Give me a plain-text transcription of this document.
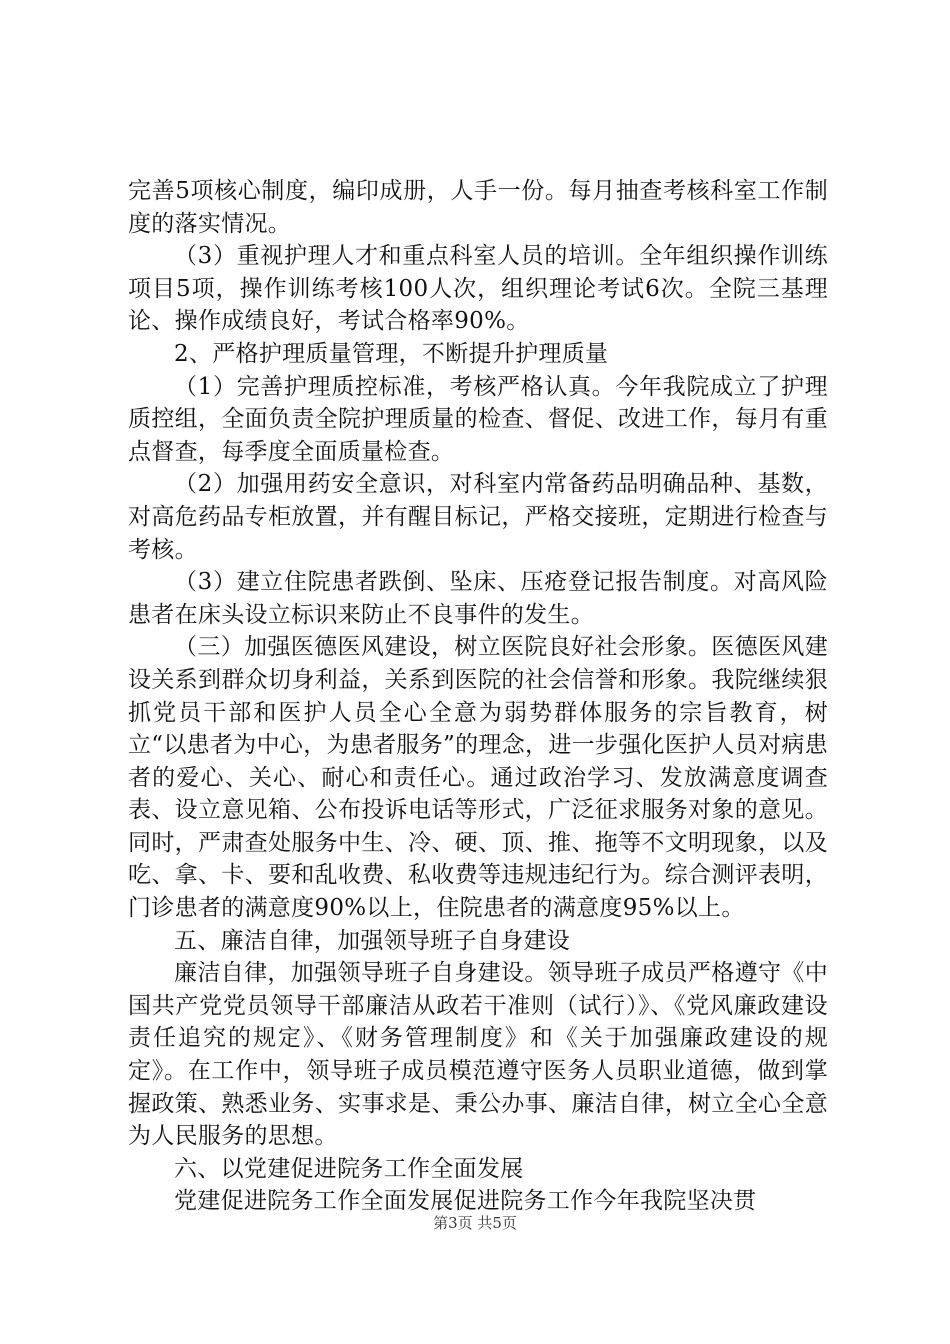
完善5项核心制度，编印成册，人手一份。每月抽查考核科室工作制度的落实情况。

（3）重视护理人才和重点科室人员的培训。全年组织操作训练项目5项，操作训练考核100人次，组织理论考试6次。全院三基理论、操作成绩良好，考试合格率90%。

2、严格护理质量管理，不断提升护理质量

（1）完善护理质控标准，考核严格认真。今年我院成立了护理质控组，全面负责全院护理质量的检查、督促、改进工作，每月有重点督查，每季度全面质量检查。

（2）加强用药安全意识，对科室内常备药品明确品种、基数，对高危药品专柜放置，并有醒目标记，严格交接班，定期进行检查与考核。

（3）建立住院患者跌倒、坠床、压疮登记报告制度。对高风险患者在床头设立标识来防止不良事件的发生。

（三）加强医德医风建设，树立医院良好社会形象。医德医风建设关系到群众切身利益，关系到医院的社会信誉和形象。我院继续狠抓党员干部和医护人员全心全意为弱势群体服务的宗旨教育，树立“以患者为中心，为患者服务”的理念，进一步强化医护人员对病患者的爱心、关心、耐心和责任心。通过政治学习、发放满意度调查表、设立意见箱、公布投诉电话等形式，广泛征求服务对象的意见。同时，严肃查处服务中生、冷、硬、顶、推、拖等不文明现象，以及吃、拿、卡、要和乱收费、私收费等违规违纪行为。综合测评表明，门诊患者的满意度90%以上，住院患者的满意度95%以上。

五、廉洁自律，加强领导班子自身建设

廉洁自律，加强领导班子自身建设。领导班子成员严格遵守《中国共产党党员领导干部廉洁从政若干准则（试行）》、《党风廉政建设责任追究的规定》、《财务管理制度》和《关于加强廉政建设的规定》。在工作中，领导班子成员模范遵守医务人员职业道德，做到掌握政策、熟悉业务、实事求是、秉公办事、廉洁自律，树立全心全意为人民服务的思想。

六、以党建促进院务工作全面发展

党建促进院务工作全面发展促进院务工作今年我院坚决贯

第3页 共5页
